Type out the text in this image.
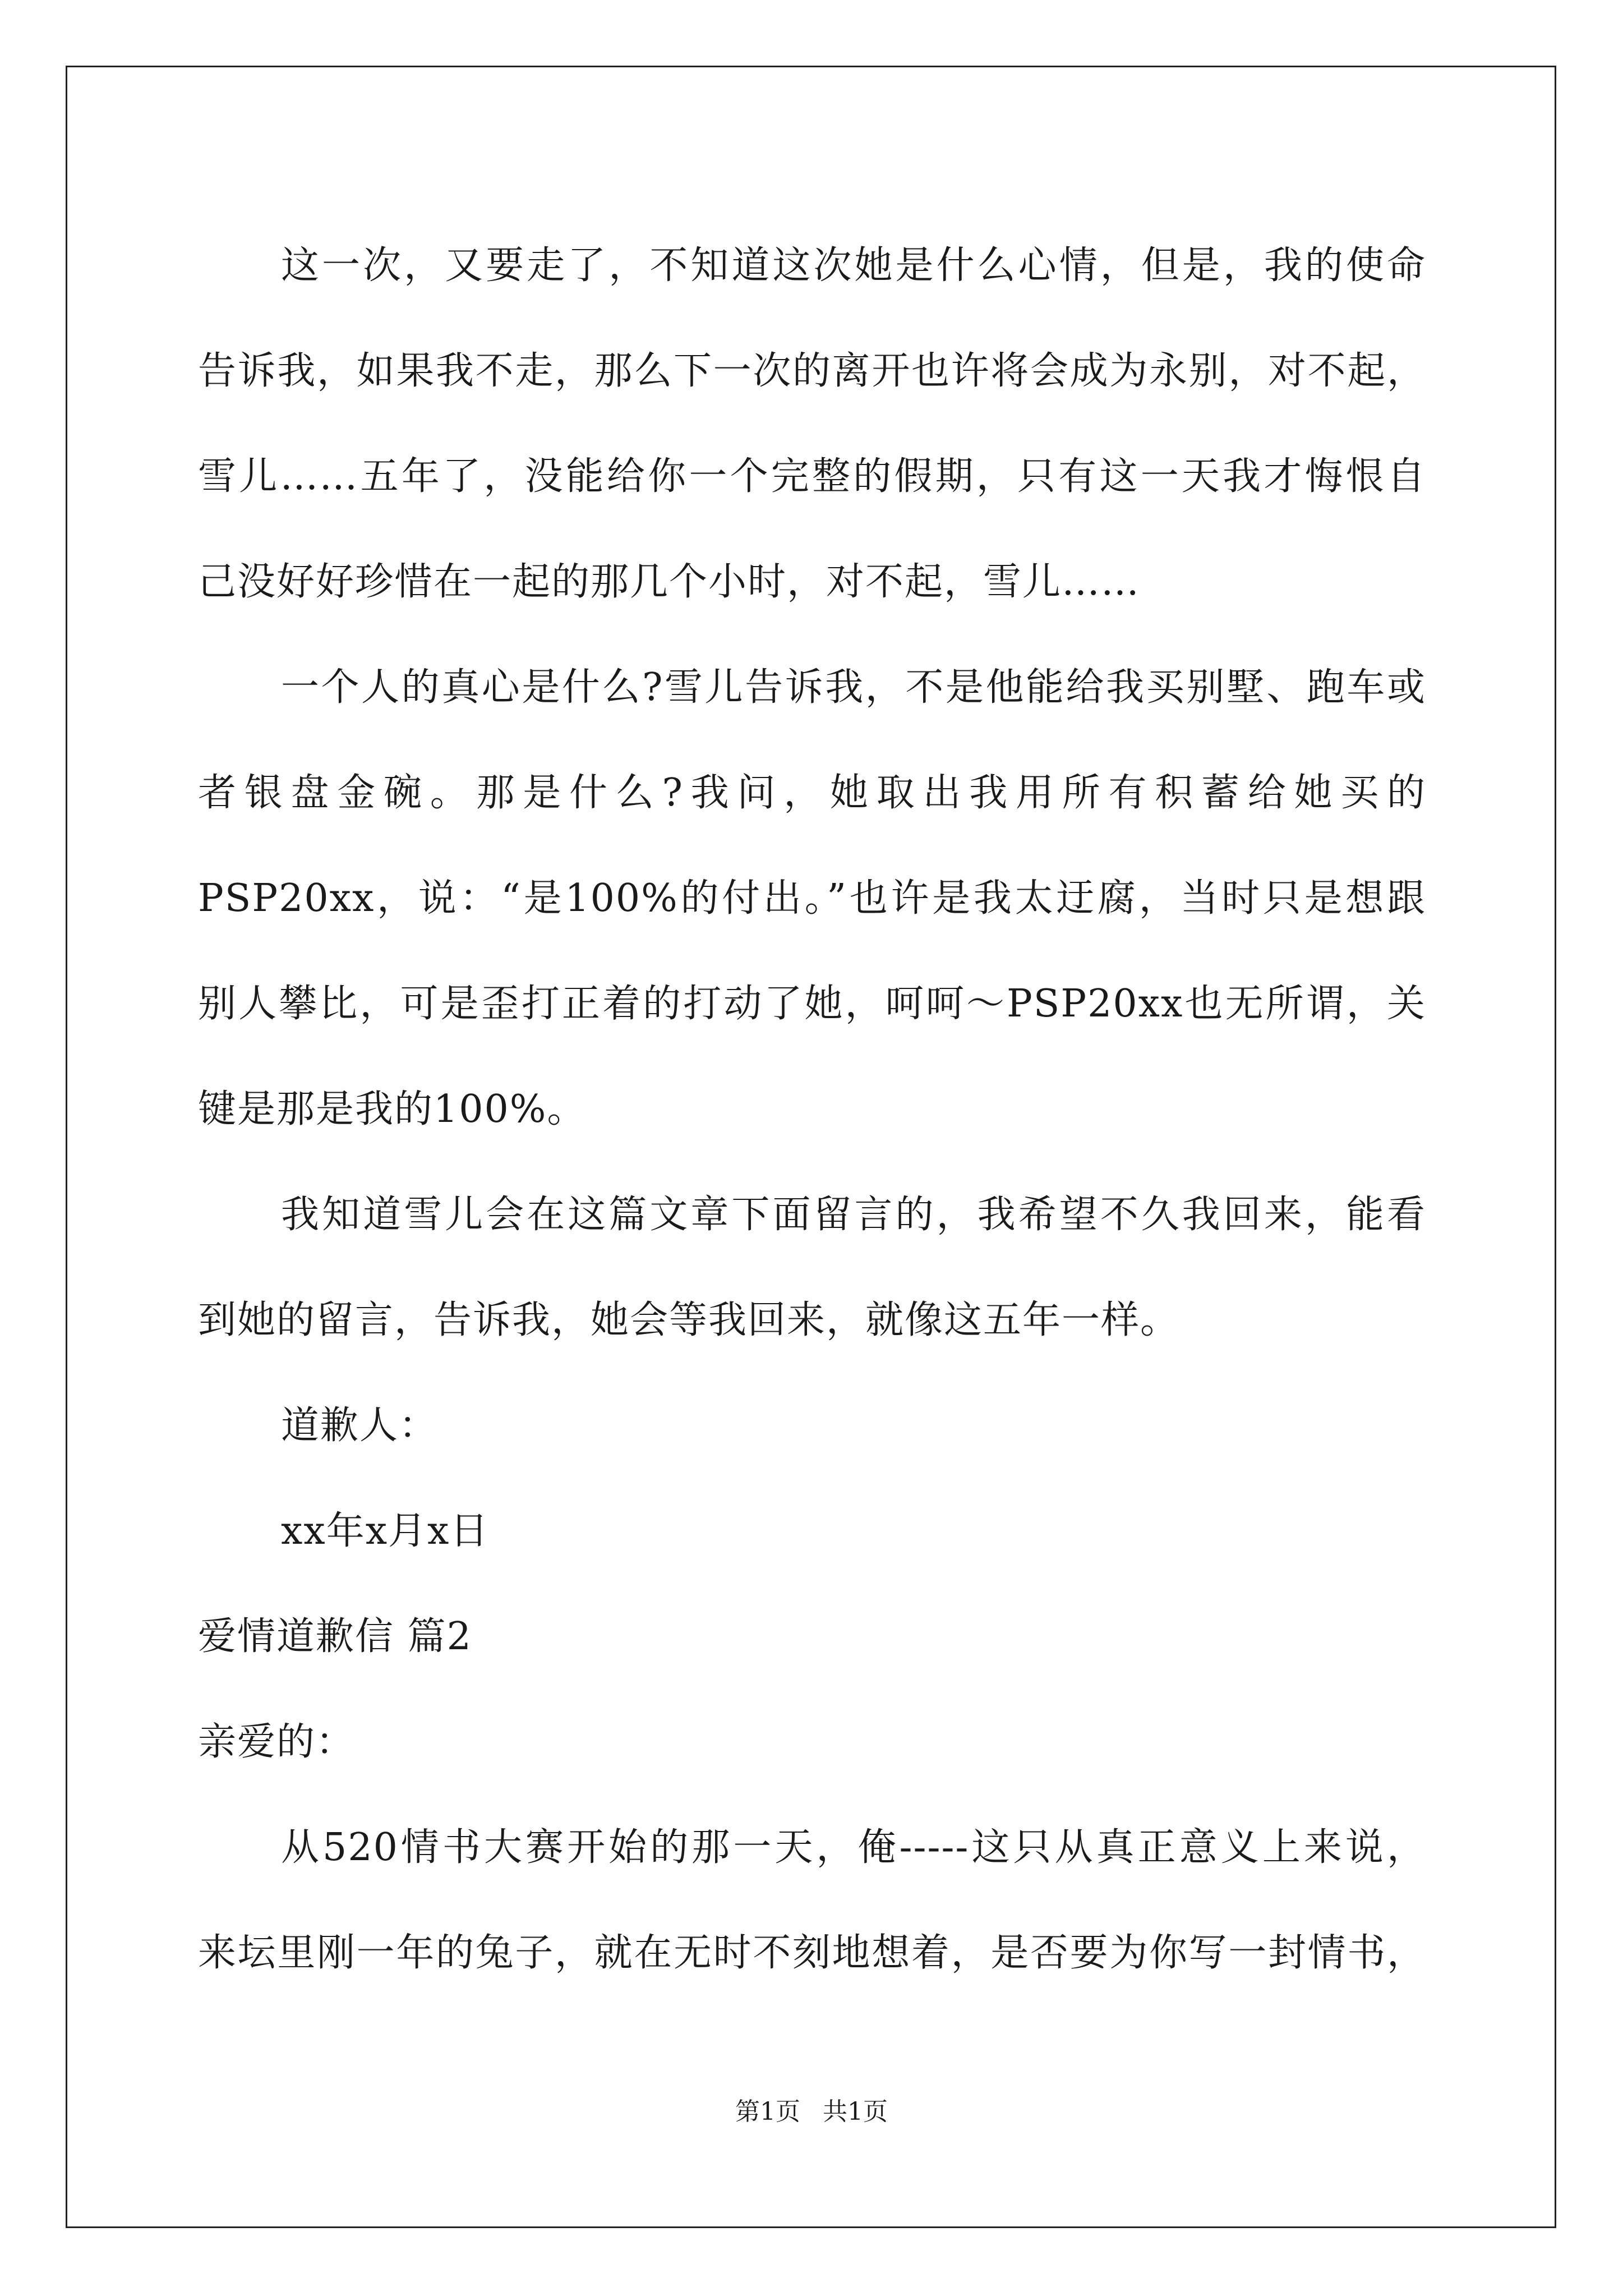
这一次，又要走了，不知道这次她是什么心情，但是，我的使命
告诉我，如果我不走，那么下一次的离开也许将会成为永别，对不起，
雪儿……五年了，没能给你一个完整的假期，只有这一天我才悔恨自
己没好好珍惜在一起的那几个小时，对不起，雪儿……
一个人的真心是什么?雪儿告诉我，不是他能给我买别墅、跑车或
者银盘金碗。那是什么?我问，她取出我用所有积蓄给她买的
PSP20xx，说：“是100%的付出。”也许是我太迂腐，当时只是想跟
别人攀比，可是歪打正着的打动了她，呵呵～PSP20xx也无所谓，关
键是那是我的100%。
我知道雪儿会在这篇文章下面留言的，我希望不久我回来，能看
到她的留言，告诉我，她会等我回来，就像这五年一样。
道歉人：
xx年x月x日
爱情道歉信 篇2
亲爱的：
从520情书大赛开始的那一天，俺-----这只从真正意义上来说，
来坛里刚一年的兔子，就在无时不刻地想着，是否要为你写一封情书，
第1页 共1页
